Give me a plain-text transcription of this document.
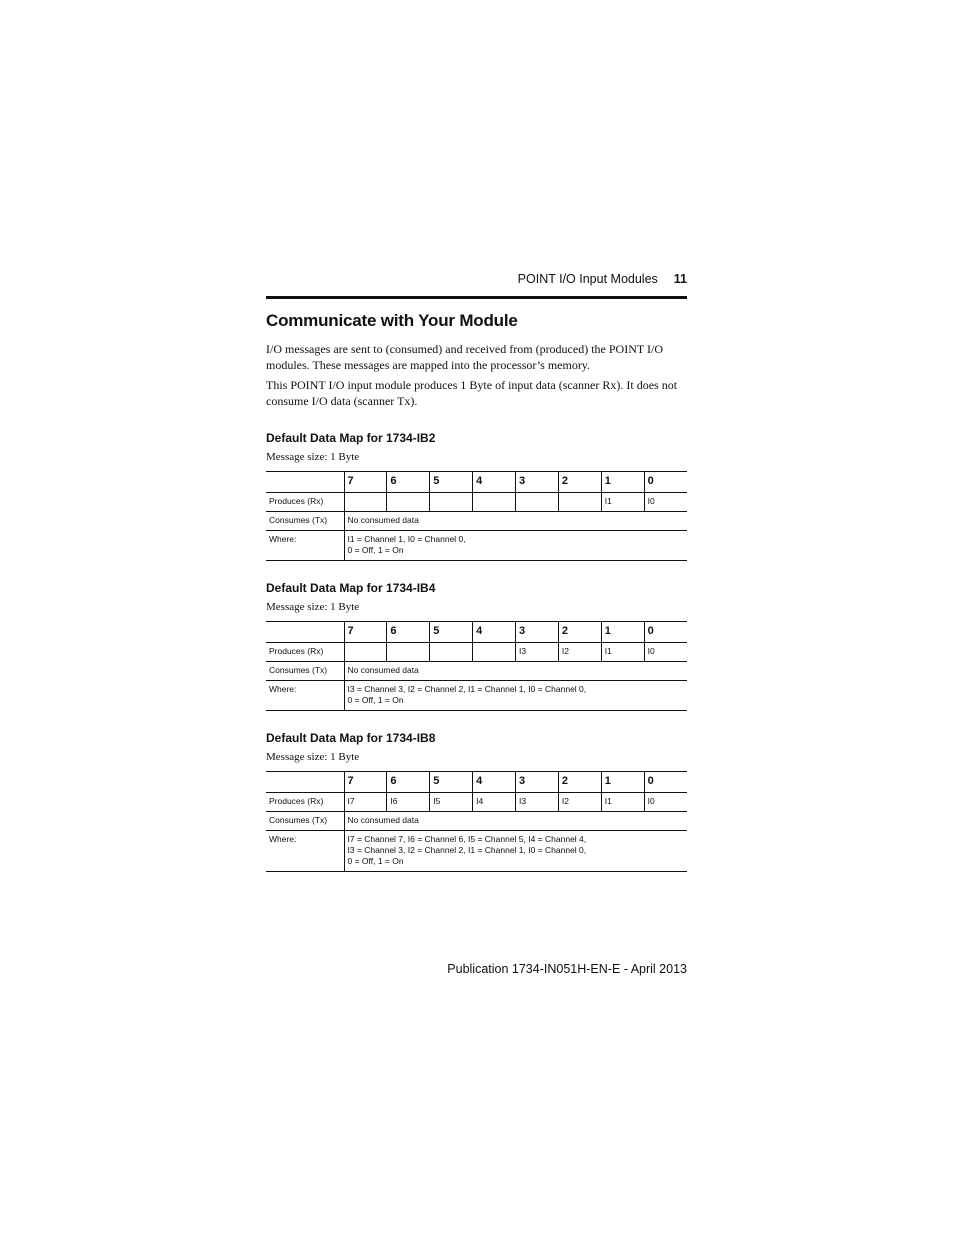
POINT I/O Input Modules 11
Communicate with Your Module

I/O messages are sent to (consumed) and received from (produced) the POINT I/O modules. These messages are mapped into the processor’s memory.

This POINT I/O input module produces 1 Byte of input data (scanner Rx). It does not consume I/O data (scanner Tx).

Default Data Map for 1734-IB2
Message size: 1 Byte
	7	6	5	4	3	2	1	0
Produces (Rx)							I1	I0
Consumes (Tx)	No consumed data							
Where:	I1 = Channel 1, I0 = Channel 0,
0 = Off, 1 = On							
Default Data Map for 1734-IB4
Message size: 1 Byte
	7	6	5	4	3	2	1	0
Produces (Rx)					I3	I2	I1	I0
Consumes (Tx)	No consumed data							
Where:	I3 = Channel 3, I2 = Channel 2, I1 = Channel 1, I0 = Channel 0,
0 = Off, 1 = On							
Default Data Map for 1734-IB8
Message size: 1 Byte
	7	6	5	4	3	2	1	0
Produces (Rx)	I7	I6	I5	I4	I3	I2	I1	I0
Consumes (Tx)	No consumed data							
Where:	I7 = Channel 7, I6 = Channel 6, I5 = Channel 5, I4 = Channel 4,
I3 = Channel 3, I2 = Channel 2, I1 = Channel 1, I0 = Channel 0,
0 = Off, 1 = On							
Publication 1734-IN051H-EN-E - April 2013
